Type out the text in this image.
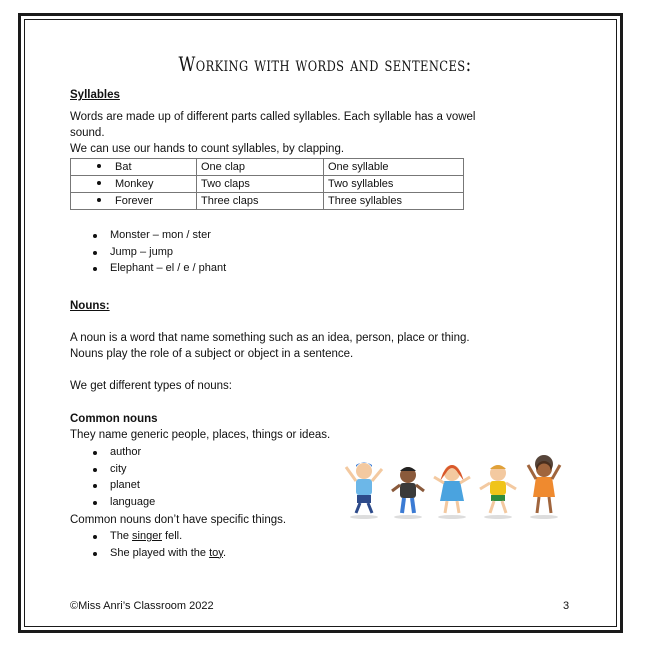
Working with words and sentences:
Syllables
Words are made up of different parts called syllables. Each syllable has a vowel
sound.
We can use our hands to count syllables, by clapping.
Bat	One clap	One syllable
Monkey	Two claps	Two syllables
Forever	Three claps	Three syllables
Monster – mon / ster
Jump – jump
Elephant – el / e / phant
Nouns:
A noun is a word that name something such as an idea, person, place or thing.
Nouns play the role of a subject or object in a sentence.
We get different types of nouns:
Common nouns
They name generic people, places, things or ideas.
author
city
planet
language
Common nouns don’t have specific things.
The singer fell.
She played with the toy.
©Miss Anri’s Classroom 2022	3
